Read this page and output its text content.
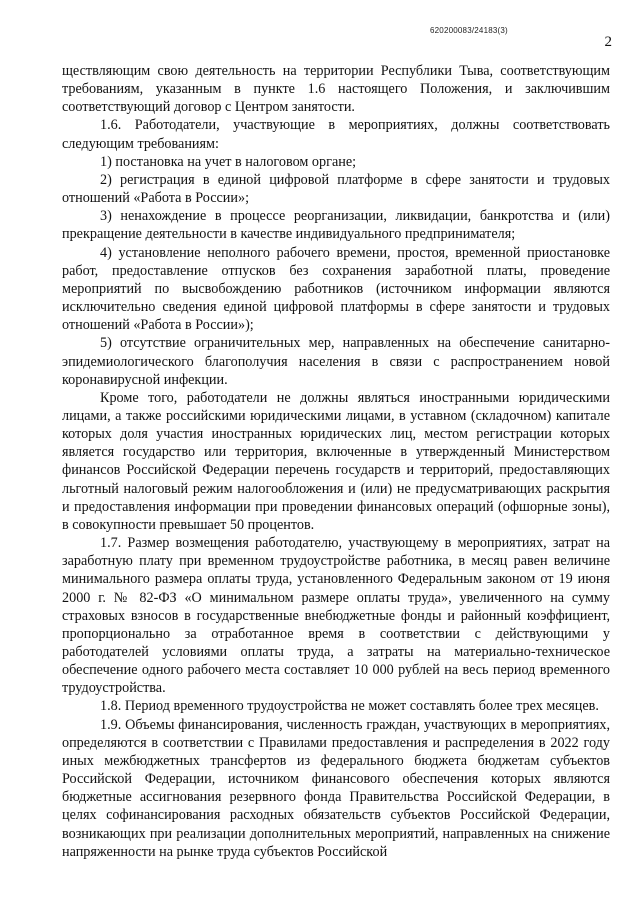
620200083/24183(3)
2

ществляющим свою деятельность на территории Республики Тыва, соответствующим требованиям, указанным в пункте 1.6 настоящего Положения, и заключившим соответствующий договор с Центром занятости.

1.6. Работодатели, участвующие в мероприятиях, должны соответствовать следующим требованиям:

1) постановка на учет в налоговом органе;

2) регистрация в единой цифровой платформе в сфере занятости и трудовых отношений «Работа в России»;

3) ненахождение в процессе реорганизации, ликвидации, банкротства и (или) прекращение деятельности в качестве индивидуального предпринимателя;

4) установление неполного рабочего времени, простоя, временной приостановке работ, предоставление отпусков без сохранения заработной платы, проведение мероприятий по высвобождению работников (источником информации являются исключительно сведения единой цифровой платформы в сфере занятости и трудовых отношений «Работа в России»);

5) отсутствие ограничительных мер, направленных на обеспечение санитарно-эпидемиологического благополучия населения в связи с распространением новой коронавирусной инфекции.

Кроме того, работодатели не должны являться иностранными юридическими лицами, а также российскими юридическими лицами, в уставном (складочном) капитале которых доля участия иностранных юридических лиц, местом регистрации которых является государство или территория, включенные в утвержденный Министерством финансов Российской Федерации перечень государств и территорий, предоставляющих льготный налоговый режим налогообложения и (или) не предусматривающих раскрытия и предоставления информации при проведении финансовых операций (офшорные зоны), в совокупности превышает 50 процентов.

1.7. Размер возмещения работодателю, участвующему в мероприятиях, затрат на заработную плату при временном трудоустройстве работника, в месяц равен величине минимального размера оплаты труда, установленного Федеральным законом от 19 июня 2000 г. № 82-ФЗ «О минимальном размере оплаты труда», увеличенного на сумму страховых взносов в государственные внебюджетные фонды и районный коэффициент, пропорционально за отработанное время в соответствии с действующими у работодателей условиями оплаты труда, а затраты на материально-техническое обеспечение одного рабочего места составляет 10 000 рублей на весь период временного трудоустройства.

1.8. Период временного трудоустройства не может составлять более трех месяцев.

1.9. Объемы финансирования, численность граждан, участвующих в мероприятиях, определяются в соответствии с Правилами предоставления и распределения в 2022 году иных межбюджетных трансфертов из федерального бюджета бюджетам субъектов Российской Федерации, источником финансового обеспечения которых являются бюджетные ассигнования резервного фонда Правительства Российской Федерации, в целях софинансирования расходных обязательств субъектов Российской Федерации, возникающих при реализации дополнительных мероприятий, направленных на снижение напряженности на рынке труда субъектов Российской
